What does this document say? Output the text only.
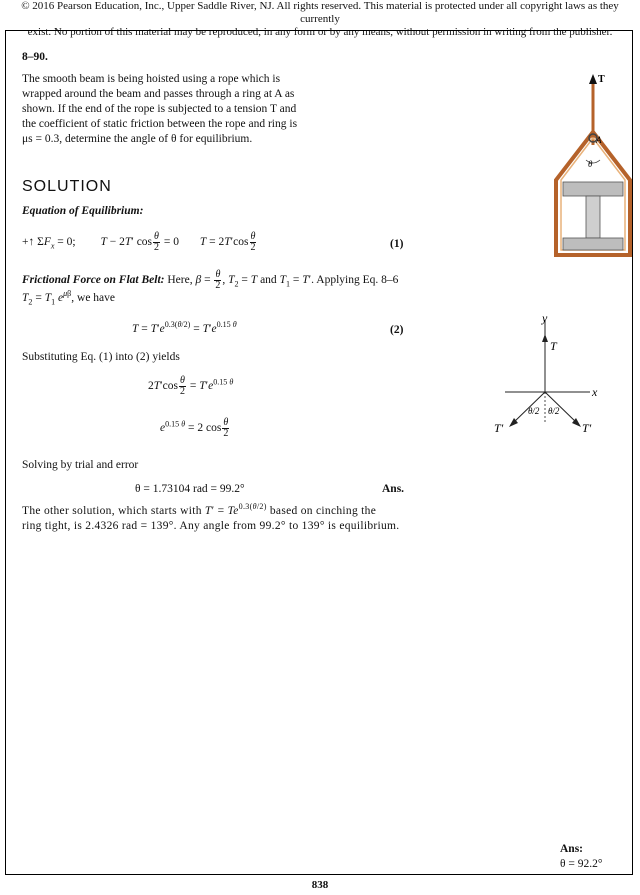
© 2016 Pearson Education, Inc., Upper Saddle River, NJ. All rights reserved. This material is protected under all copyright laws as they currently
exist. No portion of this material may be reproduced, in any form or by any means, without permission in writing from the publisher.
8–90.
The smooth beam is being hoisted using a rope which is
wrapped around the beam and passes through a ring at A as
shown. If the end of the rope is subjected to a tension T and
the coefficient of static friction between the rope and ring is
μs = 0.3, determine the angle of θ for equilibrium.
T
A
θ
SOLUTION
Equation of Equilibrium:
+↑ $\Sigma F_x = 0$; T − 2T′ $\cos \frac{\theta}{2} = 0$ $T = 2T'\cos \frac{\theta}{2}$	(1)
Frictional Force on Flat Belt: Here, $\beta = \frac{\theta}{2}$ , $T_2 = T$ and $T_1 = T'$. Applying Eq. 8–6
$T_2 = T_1$ $e^{\mu\beta}$, we have
$T = T'e^{0.3(\theta/2)} = T'e^{0.15 \theta}$	(2)
Substituting Eq. (1) into (2) yields
$2T'\cos \frac{\theta}{2} = T'e^{0.15 \theta}$
$e^{0.15 \theta} = 2$ $\cos \frac{\theta}{2}$
Solving by trial and error
θ = 1.73104 rad = 99.2°	Ans.
The other solution, which starts with $T' = Te^{0.3(\theta/2)}$ based on cinching the
ring tight, is 2.4326 rad = 139°. Any angle from 99.2° to 139° is equilibrium.
y
x
T
T′	T′
θ/2 θ/2
Ans:
θ = 92.2°
838
